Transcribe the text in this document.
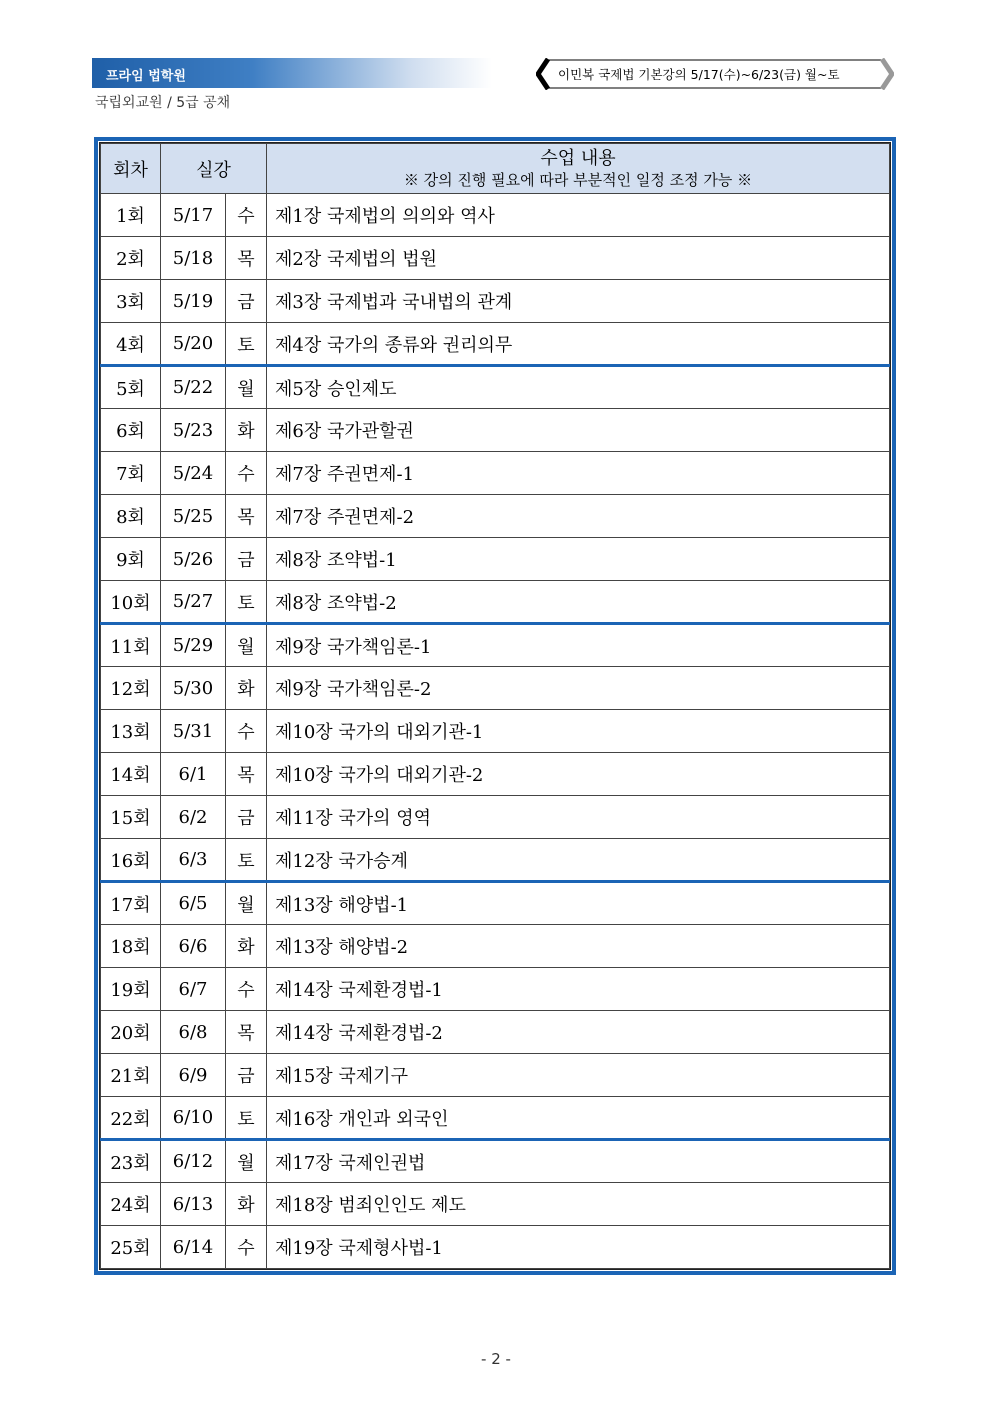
프라임 법학원
국립외교원 / 5급 공채
이민복 국제법 기본강의 5/17(수)~6/23(금) 월~토
회차	실강		수업 내용
※ 강의 진행 필요에 따라 부분적인 일정 조정 가능 ※

1회	5/17	수	제1장 국제법의 의의와 역사
2회	5/18	목	제2장 국제법의 법원
3회	5/19	금	제3장 국제법과 국내법의 관계
4회	5/20	토	제4장 국가의 종류와 권리의무
5회	5/22	월	제5장 승인제도
6회	5/23	화	제6장 국가관할권
7회	5/24	수	제7장 주권면제-1
8회	5/25	목	제7장 주권면제-2
9회	5/26	금	제8장 조약법-1
10회	5/27	토	제8장 조약법-2
11회	5/29	월	제9장 국가책임론-1
12회	5/30	화	제9장 국가책임론-2
13회	5/31	수	제10장 국가의 대외기관-1
14회	6/1	목	제10장 국가의 대외기관-2
15회	6/2	금	제11장 국가의 영역
16회	6/3	토	제12장 국가승계
17회	6/5	월	제13장 해양법-1
18회	6/6	화	제13장 해양법-2
19회	6/7	수	제14장 국제환경법-1
20회	6/8	목	제14장 국제환경법-2
21회	6/9	금	제15장 국제기구
22회	6/10	토	제16장 개인과 외국인
23회	6/12	월	제17장 국제인권법
24회	6/13	화	제18장 범죄인인도 제도
25회	6/14	수	제19장 국제형사법-1
- 2 -
